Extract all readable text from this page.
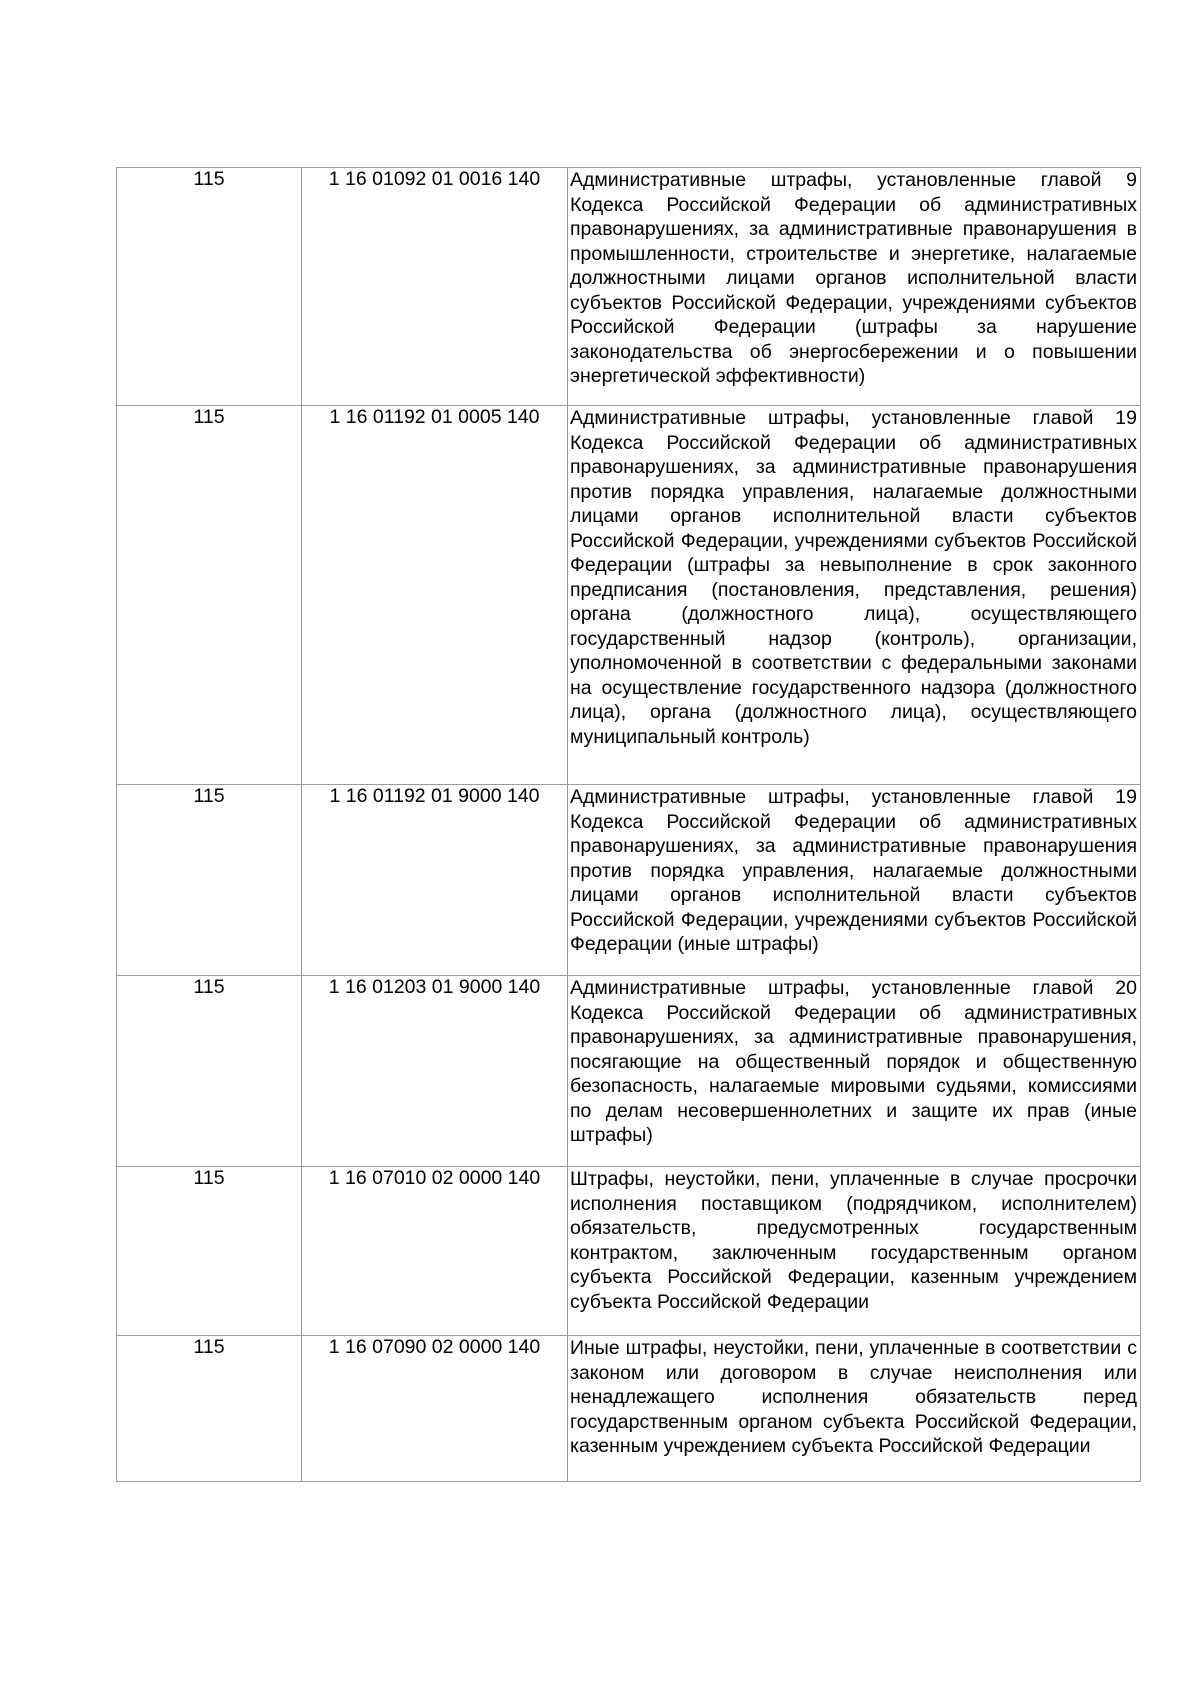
115	1 16 01092 01 0016 140	Административные штрафы, установленные главой 9 Кодекса Российской Федерации об административных правонарушениях, за административные правонарушения в промышленности, строительстве и энергетике, налагаемые должностными лицами органов исполнительной власти субъектов Российской Федерации, учреждениями субъектов Российской Федерации (штрафы за нарушение законодательства об энергосбережении и о повышении энергетической эффективности)

115	1 16 01192 01 0005 140	Административные штрафы, установленные главой 19 Кодекса Российской Федерации об административных правонарушениях, за административные правонарушения против порядка управления, налагаемые должностными лицами органов исполнительной власти субъектов Российской Федерации, учреждениями субъектов Российской Федерации (штрафы за невыполнение в срок законного предписания (постановления, представления, решения) органа (должностного лица), осуществляющего государственный надзор (контроль), организации, уполномоченной в соответствии с федеральными законами на осуществление государственного надзора (должностного лица), органа (должностного лица), осуществляющего муниципальный контроль)

115	1 16 01192 01 9000 140	Административные штрафы, установленные главой 19 Кодекса Российской Федерации об административных правонарушениях, за административные правонарушения против порядка управления, налагаемые должностными лицами органов исполнительной власти субъектов Российской Федерации, учреждениями субъектов Российской Федерации (иные штрафы)

115	1 16 01203 01 9000 140	Административные штрафы, установленные главой 20 Кодекса Российской Федерации об административных правонарушениях, за административные правонарушения, посягающие на общественный порядок и общественную безопасность, налагаемые мировыми судьями, комиссиями по делам несовершеннолетних и защите их прав (иные штрафы)

115	1 16 07010 02 0000 140	Штрафы, неустойки, пени, уплаченные в случае просрочки исполнения поставщиком (подрядчиком, исполнителем) обязательств, предусмотренных государственным контрактом, заключенным государственным органом субъекта Российской Федерации, казенным учреждением субъекта Российской Федерации

115	1 16 07090 02 0000 140	Иные штрафы, неустойки, пени, уплаченные в соответствии с законом или договором в случае неисполнения или ненадлежащего исполнения обязательств перед государственным органом субъекта Российской Федерации, казенным учреждением субъекта Российской Федерации
